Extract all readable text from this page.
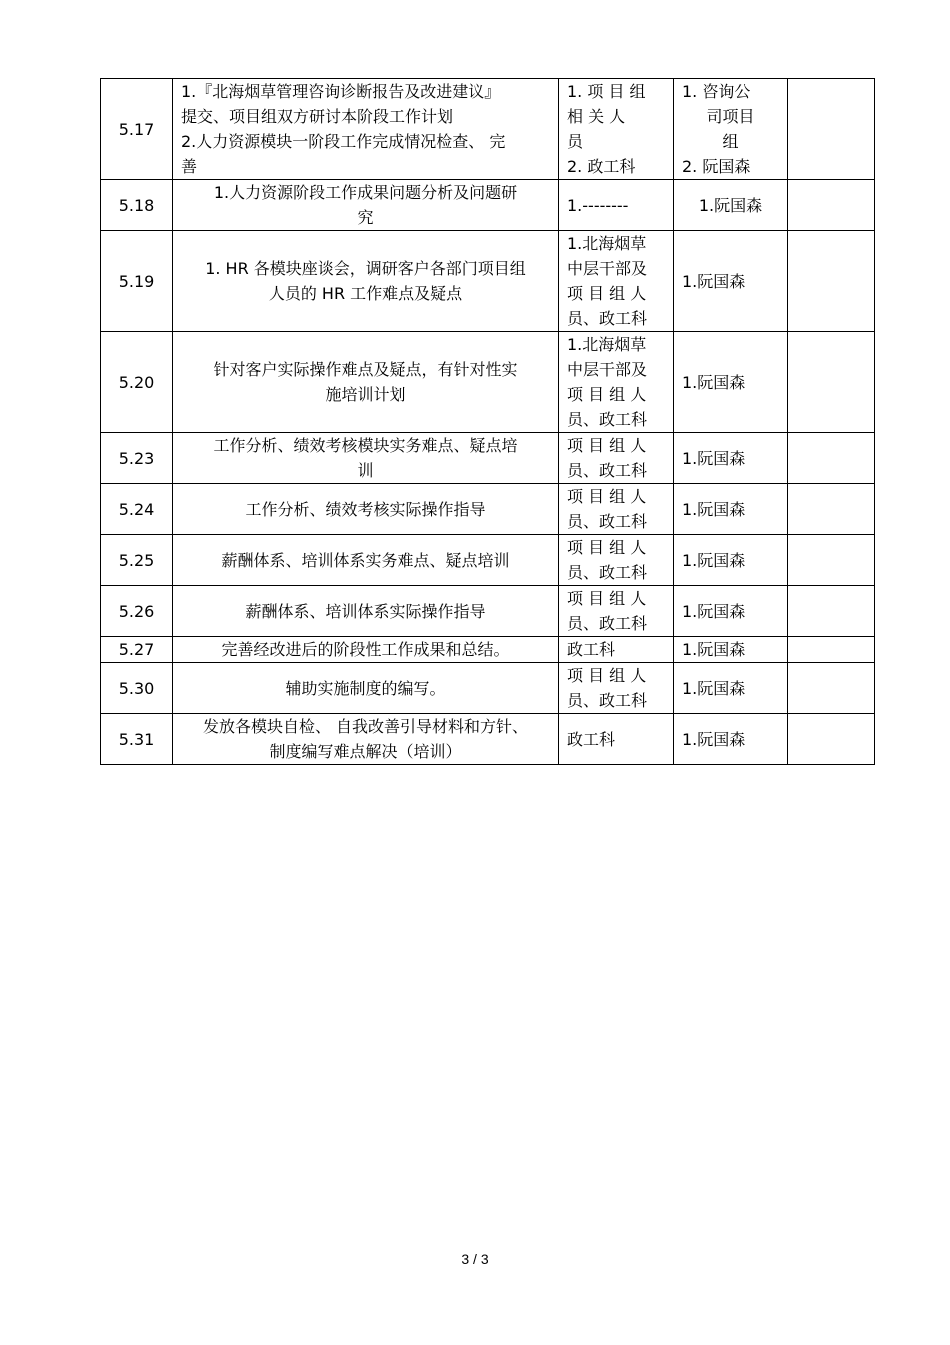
5.17	1.『北海烟草管理咨询诊断报告及改进建议』
提交、项目组双方研讨本阶段工作计划
2.人力资源模块一阶段工作完成情况检查、 完
善	1. 项 目 组
相 关 人
员
2. 政工科	1. 咨询公
司项目
组
2. 阮国森	

5.18	1.人力资源阶段工作成果问题分析及问题研
究	1.--------	1.阮国森	

5.19	1. HR 各模块座谈会，调研客户各部门项目组
人员的 HR 工作难点及疑点	1.北海烟草
中层干部及
项 目 组 人
员、政工科	1.阮国森	

5.20	针对客户实际操作难点及疑点，有针对性实
施培训计划	1.北海烟草
中层干部及
项 目 组 人
员、政工科	1.阮国森	

5.23	工作分析、绩效考核模块实务难点、疑点培
训	项 目 组 人
员、政工科	1.阮国森	

5.24	工作分析、绩效考核实际操作指导	项 目 组 人
员、政工科	1.阮国森	

5.25	薪酬体系、培训体系实务难点、疑点培训	项 目 组 人
员、政工科	1.阮国森	

5.26	薪酬体系、培训体系实际操作指导	项 目 组 人
员、政工科	1.阮国森	

5.27	完善经改进后的阶段性工作成果和总结。	政工科	1.阮国森	

5.30	辅助实施制度的编写。	项 目 组 人
员、政工科	1.阮国森	

5.31	发放各模块自检、 自我改善引导材料和方针、
制度编写难点解决（培训）	政工科	1.阮国森	

3 / 3
